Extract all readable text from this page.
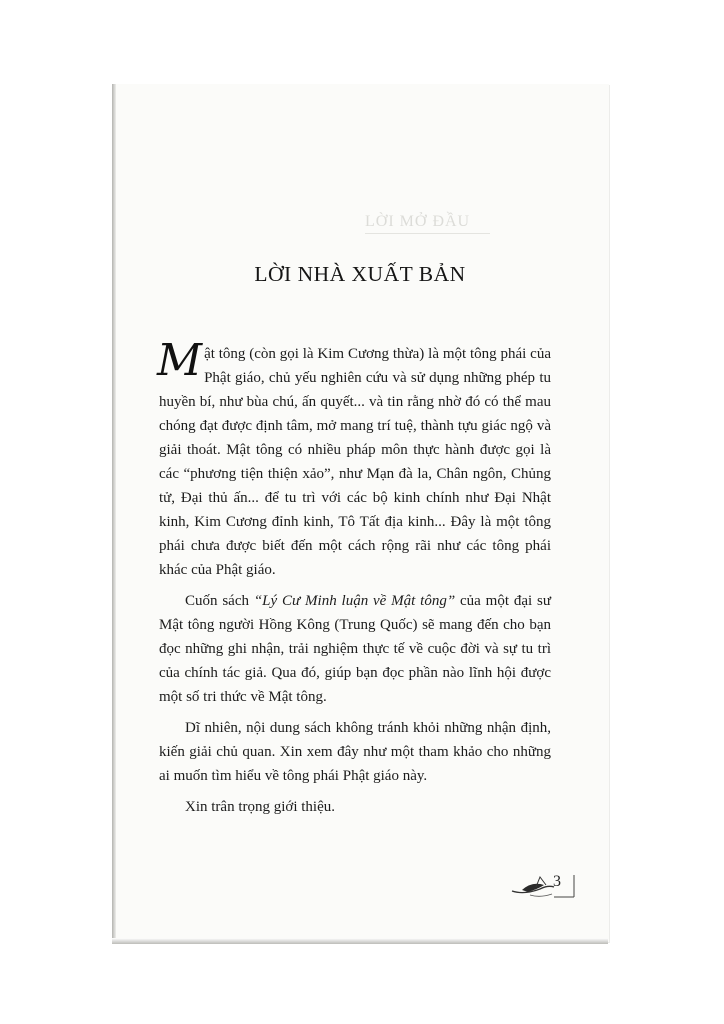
LỜI MỞ ĐẦU
LỜI NHÀ XUẤT BẢN

Mật tông (còn gọi là Kim Cương thừa) là một tông phái của Phật giáo, chủ yếu nghiên cứu và sử dụng những phép tu huyền bí, như bùa chú, ấn quyết... và tin rằng nhờ đó có thể mau chóng đạt được định tâm, mở mang trí tuệ, thành tựu giác ngộ và giải thoát. Mật tông có nhiều pháp môn thực hành được gọi là các “phương tiện thiện xảo”, như Mạn đà la, Chân ngôn, Chủng tử, Đại thủ ấn... để tu trì với các bộ kinh chính như Đại Nhật kinh, Kim Cương đỉnh kinh, Tô Tất địa kinh... Đây là một tông phái chưa được biết đến một cách rộng rãi như các tông phái khác của Phật giáo.

Cuốn sách “Lý Cư Minh luận về Mật tông” của một đại sư Mật tông người Hồng Kông (Trung Quốc) sẽ mang đến cho bạn đọc những ghi nhận, trải nghiệm thực tế về cuộc đời và sự tu trì của chính tác giả. Qua đó, giúp bạn đọc phần nào lĩnh hội được một số tri thức về Mật tông.

Dĩ nhiên, nội dung sách không tránh khỏi những nhận định, kiến giải chủ quan. Xin xem đây như một tham khảo cho những ai muốn tìm hiểu về tông phái Phật giáo này.

Xin trân trọng giới thiệu.

3
